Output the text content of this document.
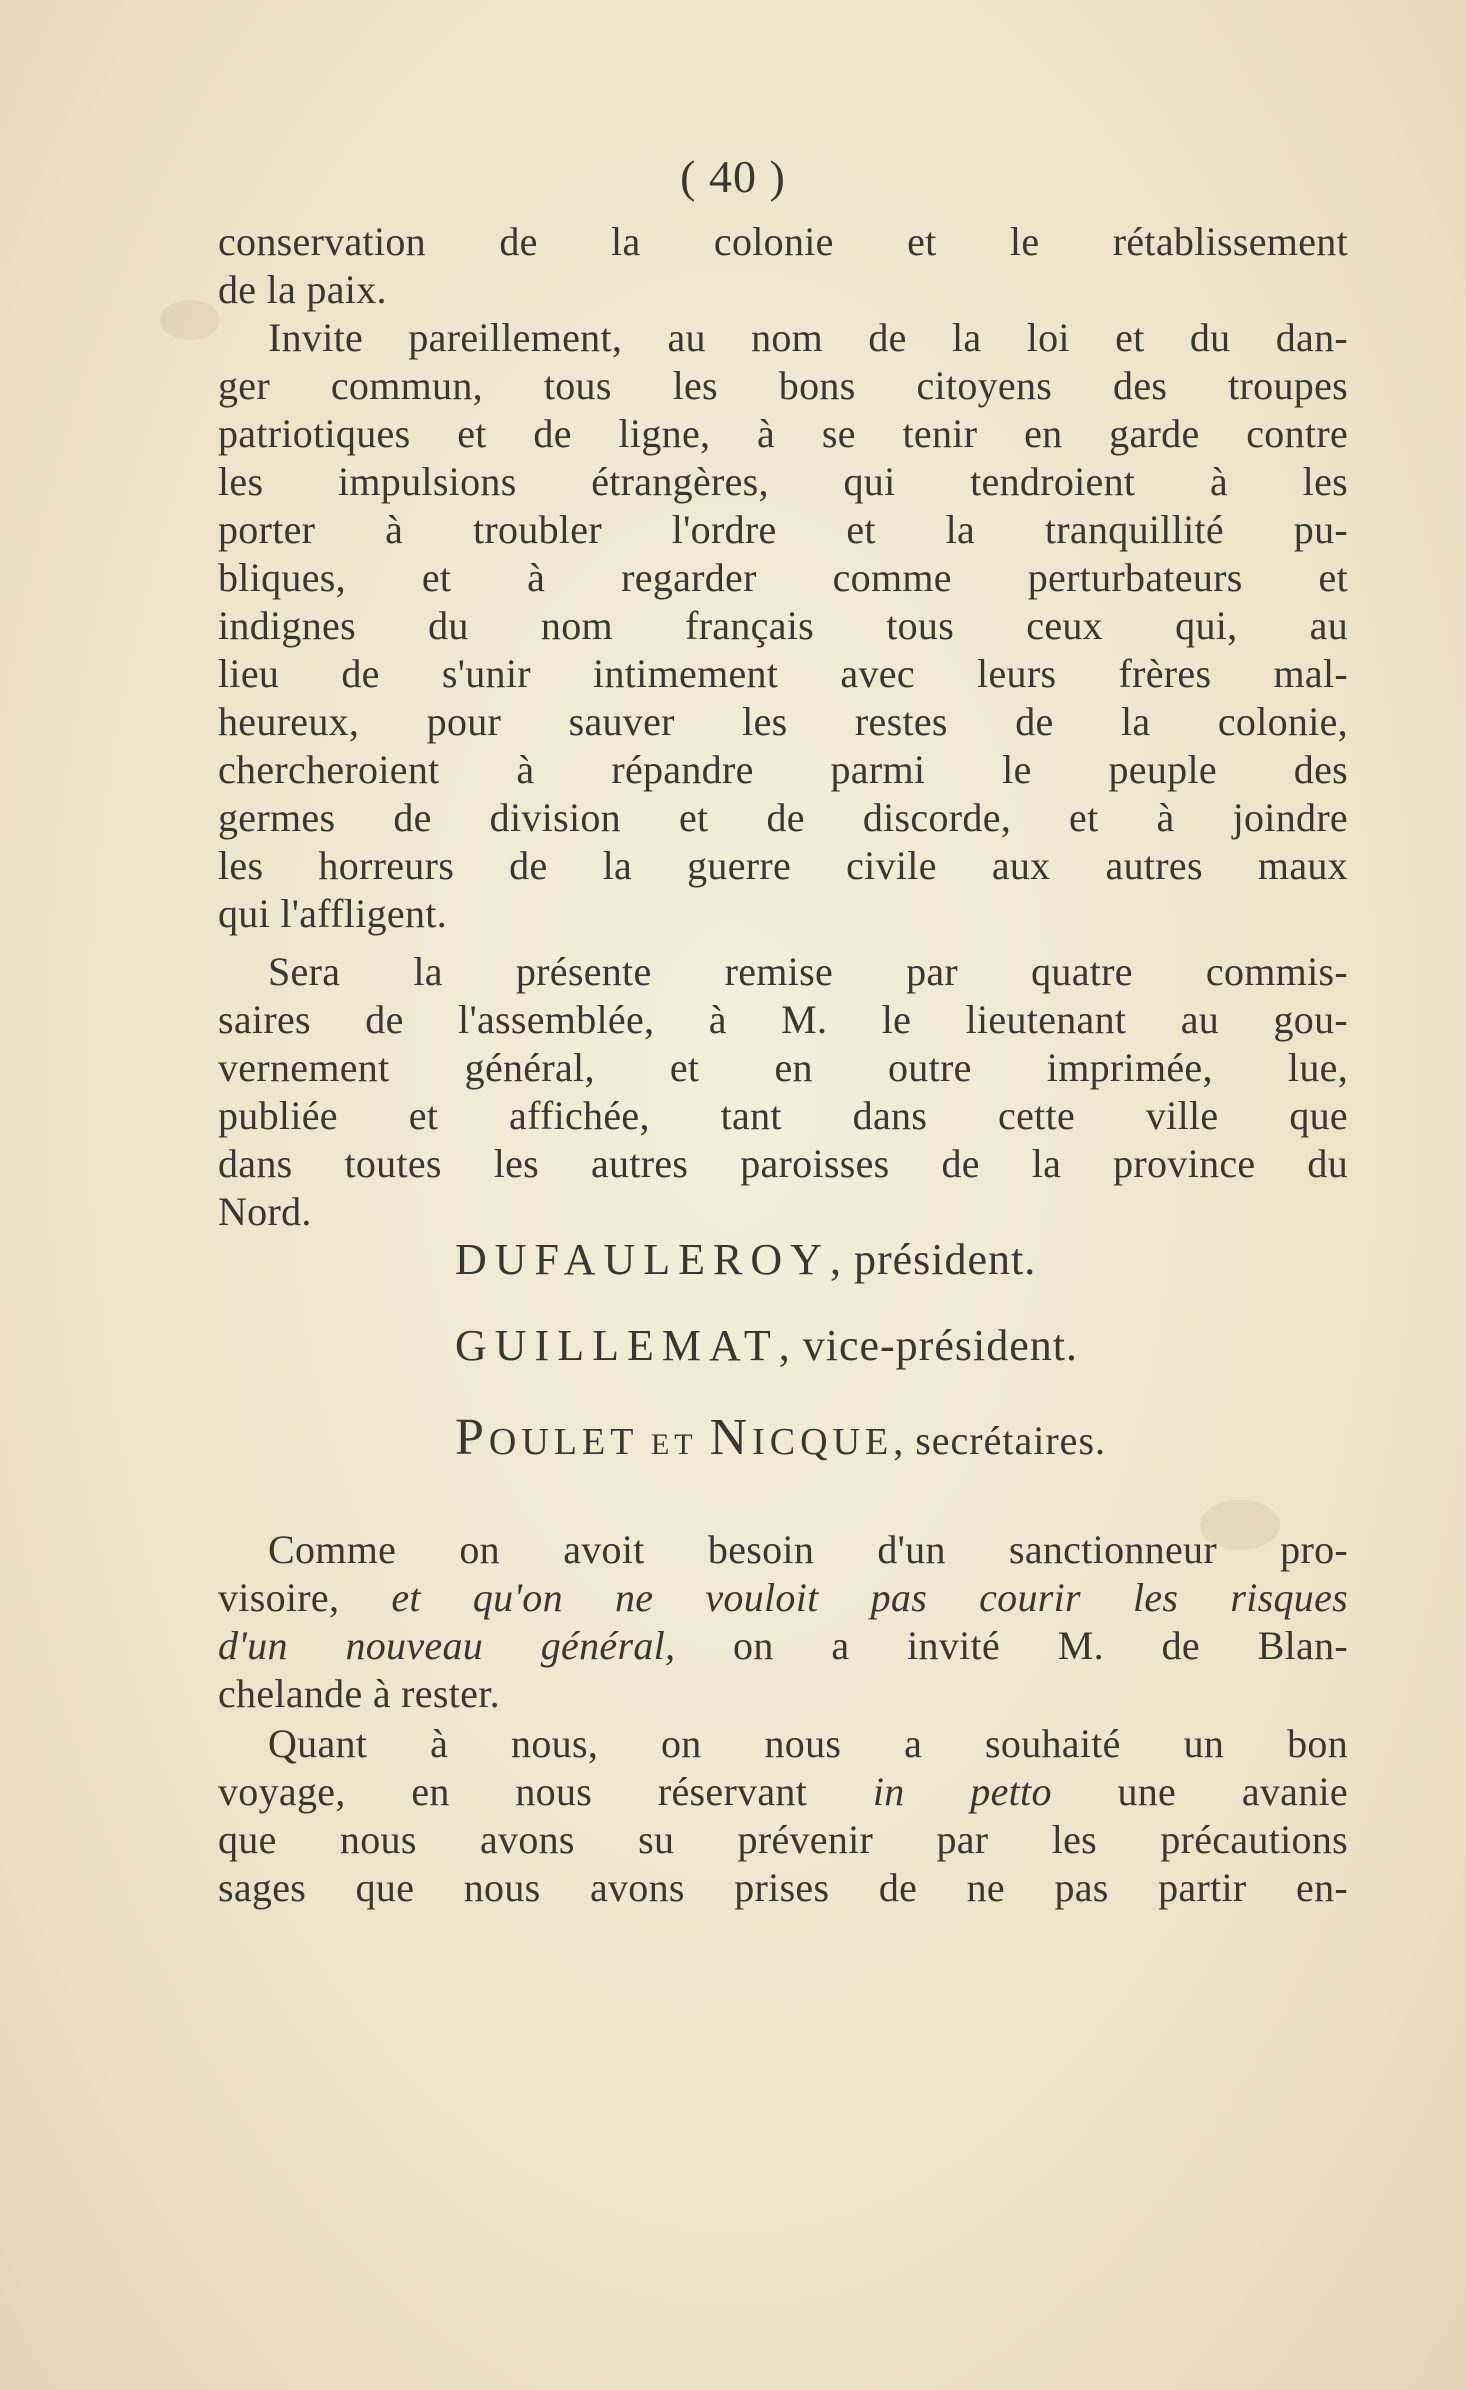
( 40 )
conservation de la colonie et le rétablissement
de la paix.
Invite pareillement, au nom de la loi et du dan-
ger commun, tous les bons citoyens des troupes
patriotiques et de ligne, à se tenir en garde contre
les impulsions étrangères, qui tendroient à les
porter à troubler l'ordre et la tranquillité pu-
bliques, et à regarder comme perturbateurs et
indignes du nom français tous ceux qui, au
lieu de s'unir intimement avec leurs frères mal-
heureux, pour sauver les restes de la colonie,
chercheroient à répandre parmi le peuple des
germes de division et de discorde, et à joindre
les horreurs de la guerre civile aux autres maux
qui l'affligent.
Sera la présente remise par quatre commis-
saires de l'assemblée, à M. le lieutenant au gou-
vernement général, et en outre imprimée, lue,
publiée et affichée, tant dans cette ville que
dans toutes les autres paroisses de la province du
Nord.
DUFAULEROY, président.
GUILLEMAT, vice-président.
POULET ET NICQUE, secrétaires.
Comme on avoit besoin d'un sanctionneur pro-
visoire, et qu'on ne vouloit pas courir les risques
d'un nouveau général, on a invité M. de Blan-
chelande à rester.
Quant à nous, on nous a souhaité un bon
voyage, en nous réservant in petto une avanie
que nous avons su prévenir par les précautions
sages que nous avons prises de ne pas partir en-
